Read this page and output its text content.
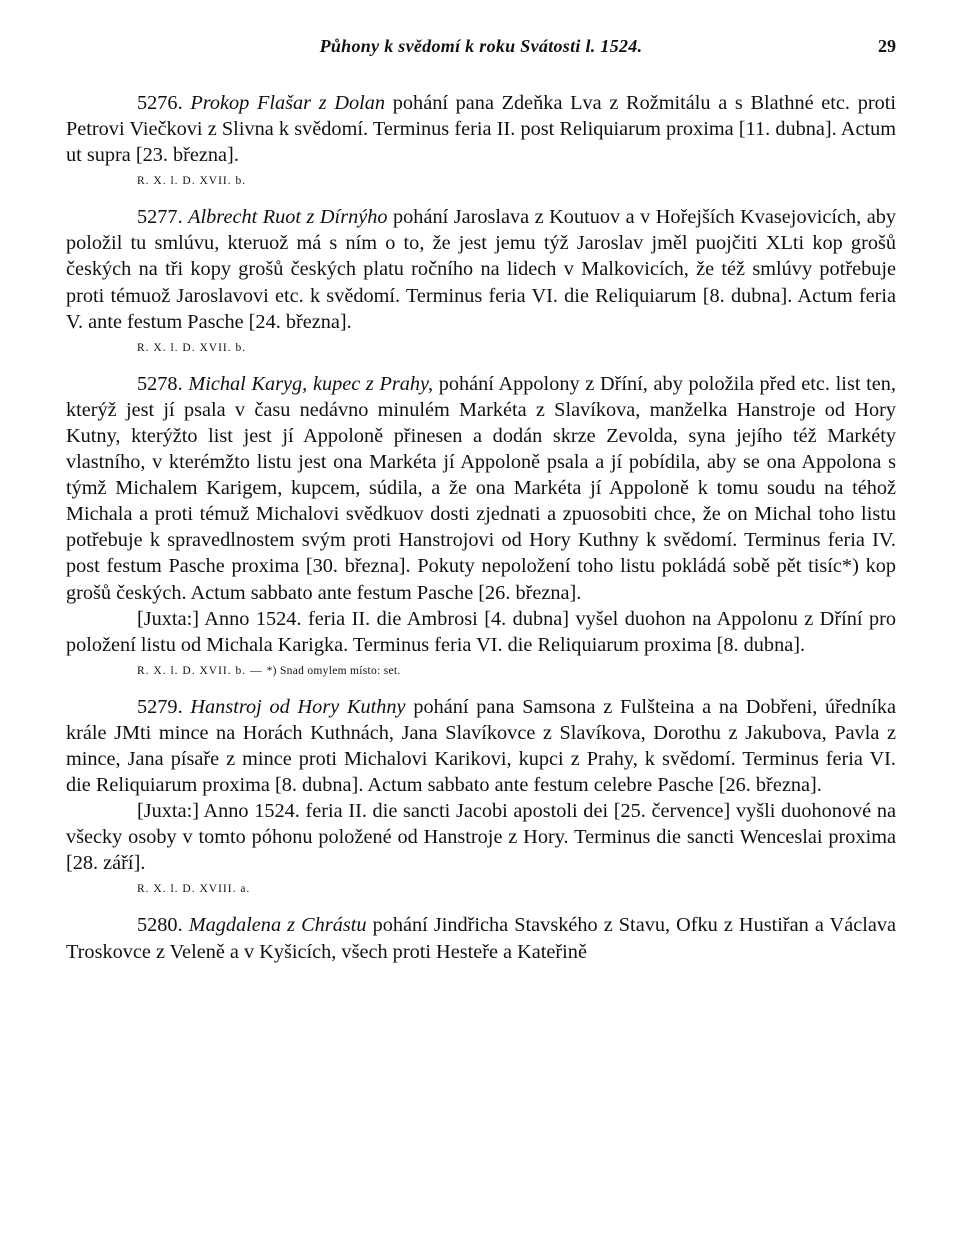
Půhony k svědomí k roku Svátosti l. 1524.	29

5276. Prokop Flašar z Dolan pohání pana Zdeňka Lva z Rožmitálu a s Blathné etc. proti Petrovi Viečkovi z Slivna k svědomí. Terminus feria II. post Reliquiarum proxima [11. dubna]. Actum ut supra [23. března].

R. X. l. D. XVII. b.

5277. Albrecht Ruot z Dírnýho pohání Jaroslava z Koutuov a v Hořejších Kvasejovicích, aby položil tu smlúvu, kteruož má s ním o to, že jest jemu týž Jaroslav jměl puojčiti XLti kop grošů českých na tři kopy grošů českých platu ročního na lidech v Malkovicích, že též smlúvy potřebuje proti témuož Jaroslavovi etc. k svědomí. Terminus feria VI. die Reliquiarum [8. dubna]. Actum feria V. ante festum Pasche [24. března].

R. X. l. D. XVII. b.

5278. Michal Karyg, kupec z Prahy, pohání Appolony z Dříní, aby položila před etc. list ten, kterýž jest jí psala v času nedávno minulém Markéta z Slavíkova, manželka Hanstroje od Hory Kutny, kterýžto list jest jí Appoloně přinesen a dodán skrze Zevolda, syna jejího též Markéty vlastního, v kterémžto listu jest ona Markéta jí Appoloně psala a jí pobídila, aby se ona Appolona s týmž Michalem Karigem, kupcem, súdila, a že ona Markéta jí Appoloně k tomu soudu na téhož Michala a proti témuž Michalovi svědkuov dosti zjednati a zpuosobiti chce, že on Michal toho listu potřebuje k spravedlnostem svým proti Hanstrojovi od Hory Kuthny k svědomí. Terminus feria IV. post festum Pasche proxima [30. března]. Pokuty nepoložení toho listu pokládá sobě pět tisíc*) kop grošů českých. Actum sabbato ante festum Pasche [26. března].

[Juxta:] Anno 1524. feria II. die Ambrosi [4. dubna] vyšel duohon na Appolonu z Dříní pro položení listu od Michala Karigka. Terminus feria VI. die Reliquiarum proxima [8. dubna].

R. X. l. D. XVII. b. — *) Snad omylem místo: set.

5279. Hanstroj od Hory Kuthny pohání pana Samsona z Fulšteina a na Dobřeni, úředníka krále JMti mince na Horách Kuthnách, Jana Slavíkovce z Slavíkova, Dorothu z Jakubova, Pavla z mince, Jana písaře z mince proti Michalovi Karikovi, kupci z Prahy, k svědomí. Terminus feria VI. die Reliquiarum proxima [8. dubna]. Actum sabbato ante festum celebre Pasche [26. března].

[Juxta:] Anno 1524. feria II. die sancti Jacobi apostoli dei [25. července] vyšli duohonové na všecky osoby v tomto póhonu položené od Hanstroje z Hory. Terminus die sancti Wenceslai proxima [28. září].

R. X. l. D. XVIII. a.

5280. Magdalena z Chrástu pohání Jindřicha Stavského z Stavu, Ofku z Hustiřan a Václava Troskovce z Veleně a v Kyšicích, všech proti Hesteře a Kateřině
